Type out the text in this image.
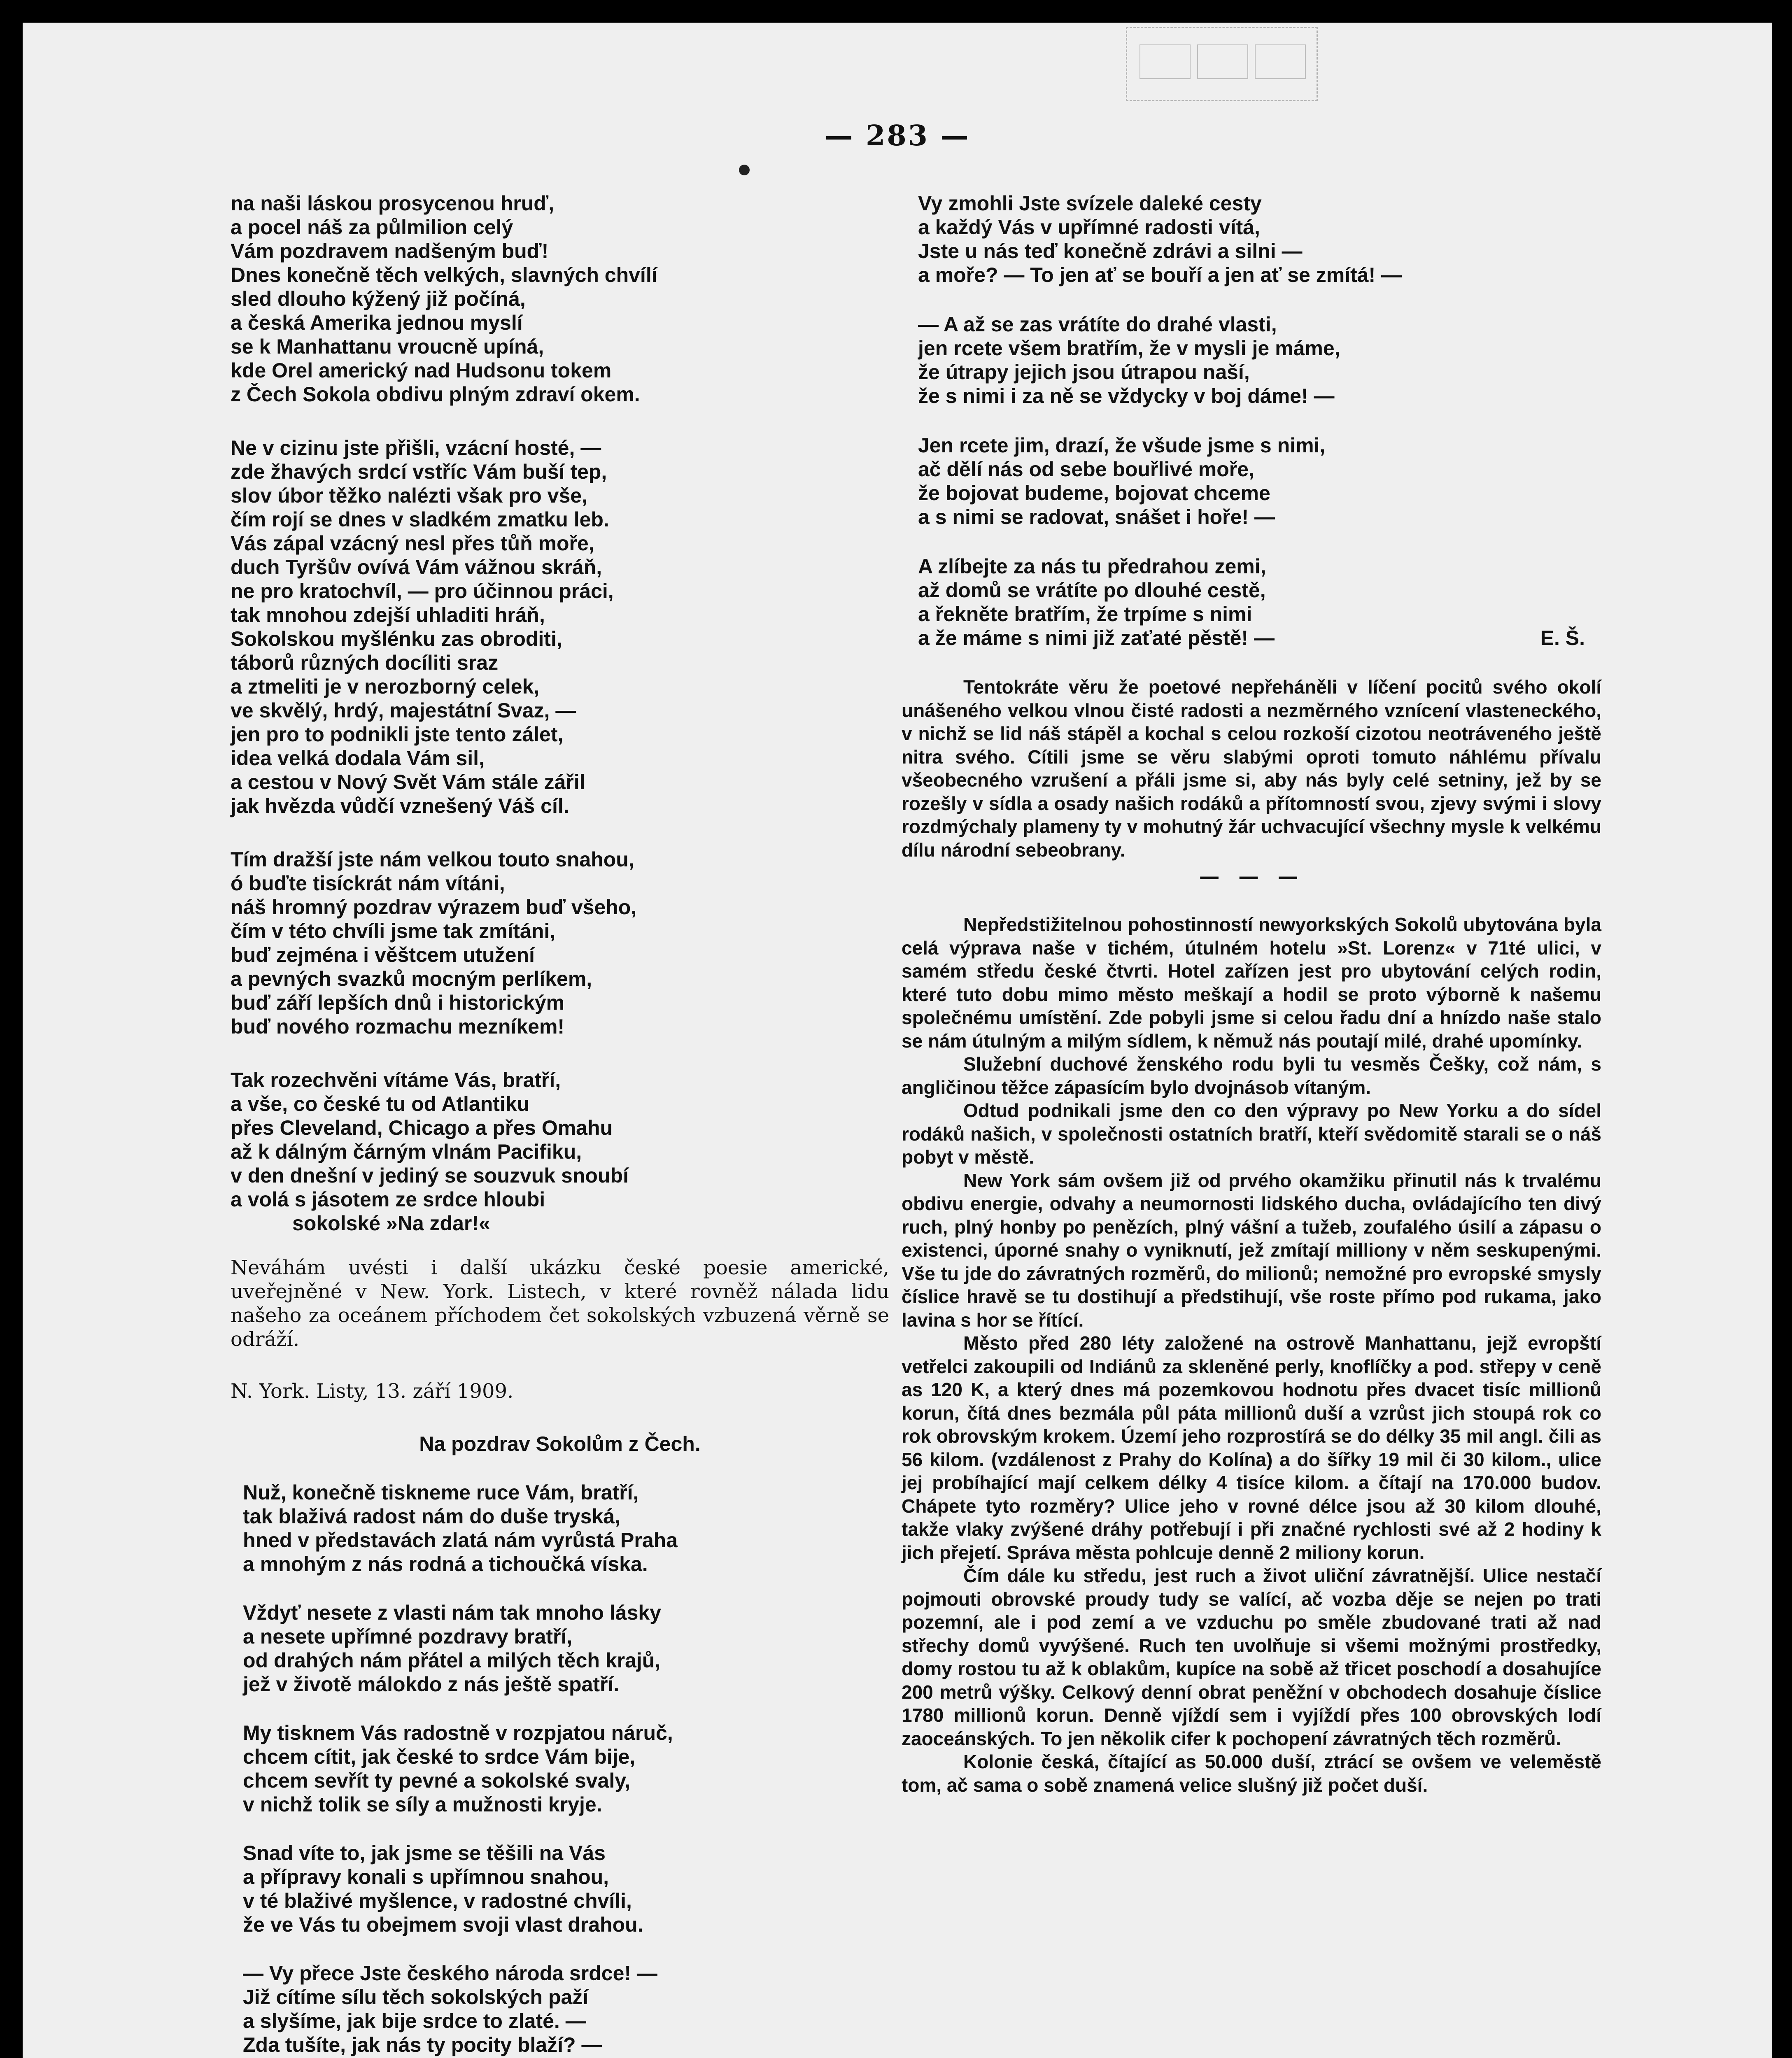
— 283 —
na naši láskou prosycenou hruď,
a pocel náš za půlmilion celý
Vám pozdravem nadšeným buď!
Dnes konečně těch velkých, slavných chvílí
sled dlouho kýžený již počíná,
a česká Amerika jednou myslí
se k Manhattanu vroucně upíná,
kde Orel americký nad Hudsonu tokem
z Čech Sokola obdivu plným zdraví okem.
Ne v cizinu jste přišli, vzácní hosté, —
zde žhavých srdcí vstříc Vám buší tep,
slov úbor těžko nalézti však pro vše,
čím rojí se dnes v sladkém zmatku leb.
Vás zápal vzácný nesl přes tůň moře,
duch Tyršův ovívá Vám vážnou skráň,
ne pro kratochvíl, — pro účinnou práci,
tak mnohou zdejší uhladiti hráň,
Sokolskou myšlénku zas obroditi,
táborů různých docíliti sraz
a ztmeliti je v nerozborný celek,
ve skvělý, hrdý, majestátní Svaz, —
jen pro to podnikli jste tento zálet,
idea velká dodala Vám sil,
a cestou v Nový Svět Vám stále zářil
jak hvězda vůdčí vznešený Váš cíl.
Tím dražší jste nám velkou touto snahou,
ó buďte tisíckrát nám vítáni,
náš hromný pozdrav výrazem buď všeho,
čím v této chvíli jsme tak zmítáni,
buď zejména i věštcem utužení
a pevných svazků mocným perlíkem,
buď září lepších dnů i historickým
buď nového rozmachu mezníkem!
Tak rozechvěni vítáme Vás, bratří,
a vše, co české tu od Atlantiku
přes Cleveland, Chicago a přes Omahu
až k dálným čárným vlnám Pacifiku,
v den dnešní v jediný se souzvuk snoubí
a volá s jásotem ze srdce hloubi
sokolské »Na zdar!«

Neváhám uvésti i další ukázku české poesie americké, uveřejněné v New. York. Listech, v které rovněž nálada lidu našeho za oceánem příchodem čet sokolských vzbuzená věrně se odráží.

N. York. Listy, 13. září 1909.

Na pozdrav Sokolům z Čech.
Nuž, konečně tiskneme ruce Vám, bratří,
tak blaživá radost nám do duše tryská,
hned v představách zlatá nám vyrůstá Praha
a mnohým z nás rodná a tichoučká víska.
Vždyť nesete z vlasti nám tak mnoho lásky
a nesete upřímné pozdravy bratří,
od drahých nám přátel a milých těch krajů,
jež v životě málokdo z nás ještě spatří.
My tisknem Vás radostně v rozpjatou náruč,
chcem cítit, jak české to srdce Vám bije,
chcem sevřít ty pevné a sokolské svaly,
v nichž tolik se síly a mužnosti kryje.
Snad víte to, jak jsme se těšili na Vás
a přípravy konali s upřímnou snahou,
v té blaživé myšlence, v radostné chvíli,
že ve Vás tu obejmem svoji vlast drahou.
— Vy přece Jste českého národa srdce! —
Již cítíme sílu těch sokolských paží
a slyšíme, jak bije srdce to zlaté. —
Zda tušíte, jak nás ty pocity blaží? —
Vy zmohli Jste svízele daleké cesty
a každý Vás v upřímné radosti vítá,
Jste u nás teď konečně zdrávi a silni —
a moře? — To jen ať se bouří a jen ať se zmítá! —
— A až se zas vrátíte do drahé vlasti,
jen rcete všem bratřím, že v mysli je máme,
že útrapy jejich jsou útrapou naší,
že s nimi i za ně se vždycky v boj dáme! —
Jen rcete jim, drazí, že všude jsme s nimi,
ač dělí nás od sebe bouřlivé moře,
že bojovat budeme, bojovat chceme
a s nimi se radovat, snášet i hoře! —
A zlíbejte za nás tu předrahou zemi,
až domů se vrátíte po dlouhé cestě,
a řekněte bratřím, že trpíme s nimi
a že máme s nimi již zaťaté pěstě! —	E. Š.

Tentokráte věru že poetové nepřeháněli v líčení pocitů svého okolí unášeného velkou vlnou čisté radosti a nezměrného vznícení vlasteneckého, v nichž se lid náš stápěl a kochal s celou rozkoší cizotou neotráveného ještě nitra svého. Cítili jsme se věru slabými oproti tomuto náhlému přívalu všeobecného vzrušení a přáli jsme si, aby nás byly celé setniny, jež by se rozešly v sídla a osady našich rodáků a přítomností svou, zjevy svými i slovy rozdmýchaly plameny ty v mohutný žár uchvacující všechny mysle k velkému dílu národní sebeobrany.

— — —

Nepředstižitelnou pohostinností newyorkských Sokolů ubytována byla celá výprava naše v tichém, útulném hotelu »St. Lorenz« v 71té ulici, v samém středu české čtvrti. Hotel zařízen jest pro ubytování celých rodin, které tuto dobu mimo město meškají a hodil se proto výborně k našemu společnému umístění. Zde pobyli jsme si celou řadu dní a hnízdo naše stalo se nám útulným a milým sídlem, k němuž nás poutají milé, drahé upomínky.

Služební duchové ženského rodu byli tu vesměs Češky, což nám, s angličinou těžce zápasícím bylo dvojnásob vítaným.

Odtud podnikali jsme den co den výpravy po New Yorku a do sídel rodáků našich, v společnosti ostatních bratří, kteří svědomitě starali se o náš pobyt v městě.

New York sám ovšem již od prvého okamžiku přinutil nás k trvalému obdivu energie, odvahy a neumornosti lidského ducha, ovládajícího ten divý ruch, plný honby po penězích, plný vášní a tužeb, zoufalého úsilí a zápasu o existenci, úporné snahy o vyniknutí, jež zmítají milliony v něm seskupenými. Vše tu jde do závratných rozměrů, do milionů; nemožné pro evropské smysly číslice hravě se tu dostihují a předstihují, vše roste přímo pod rukama, jako lavina s hor se řítící.

Město před 280 léty založené na ostrově Manhattanu, jejž evropští vetřelci zakoupili od Indiánů za skleněné perly, knoflíčky a pod. střepy v ceně as 120 K, a který dnes má pozemkovou hodnotu přes dvacet tisíc millionů korun, čítá dnes bezmála půl páta millionů duší a vzrůst jich stoupá rok co rok obrovským krokem. Území jeho rozprostírá se do délky 35 mil angl. čili as 56 kilom. (vzdálenost z Prahy do Kolína) a do šířky 19 mil či 30 kilom., ulice jej probíhající mají celkem délky 4 tisíce kilom. a čítají na 170.000 budov. Chápete tyto rozměry? Ulice jeho v rovné délce jsou až 30 kilom dlouhé, takže vlaky zvýšené dráhy potřebují i při značné rychlosti své až 2 hodiny k jich přejetí. Správa města pohlcuje denně 2 miliony korun.

Čím dále ku středu, jest ruch a život uliční závratnější. Ulice nestačí pojmouti obrovské proudy tudy se valící, ač vozba děje se nejen po trati pozemní, ale i pod zemí a ve vzduchu po směle zbudované trati až nad střechy domů vyvýšené. Ruch ten uvolňuje si všemi možnými prostředky, domy rostou tu až k oblakům, kupíce na sobě až třicet poschodí a dosahujíce 200 metrů výšky. Celkový denní obrat peněžní v obchodech dosahuje číslice 1780 millionů korun. Denně vjíždí sem i vyjíždí přes 100 obrovských lodí zaoceánských. To jen několik cifer k pochopení závratných těch rozměrů.

Kolonie česká, čítající as 50.000 duší, ztrácí se ovšem ve veleměstě tom, ač sama o sobě znamená velice slušný již počet duší.
